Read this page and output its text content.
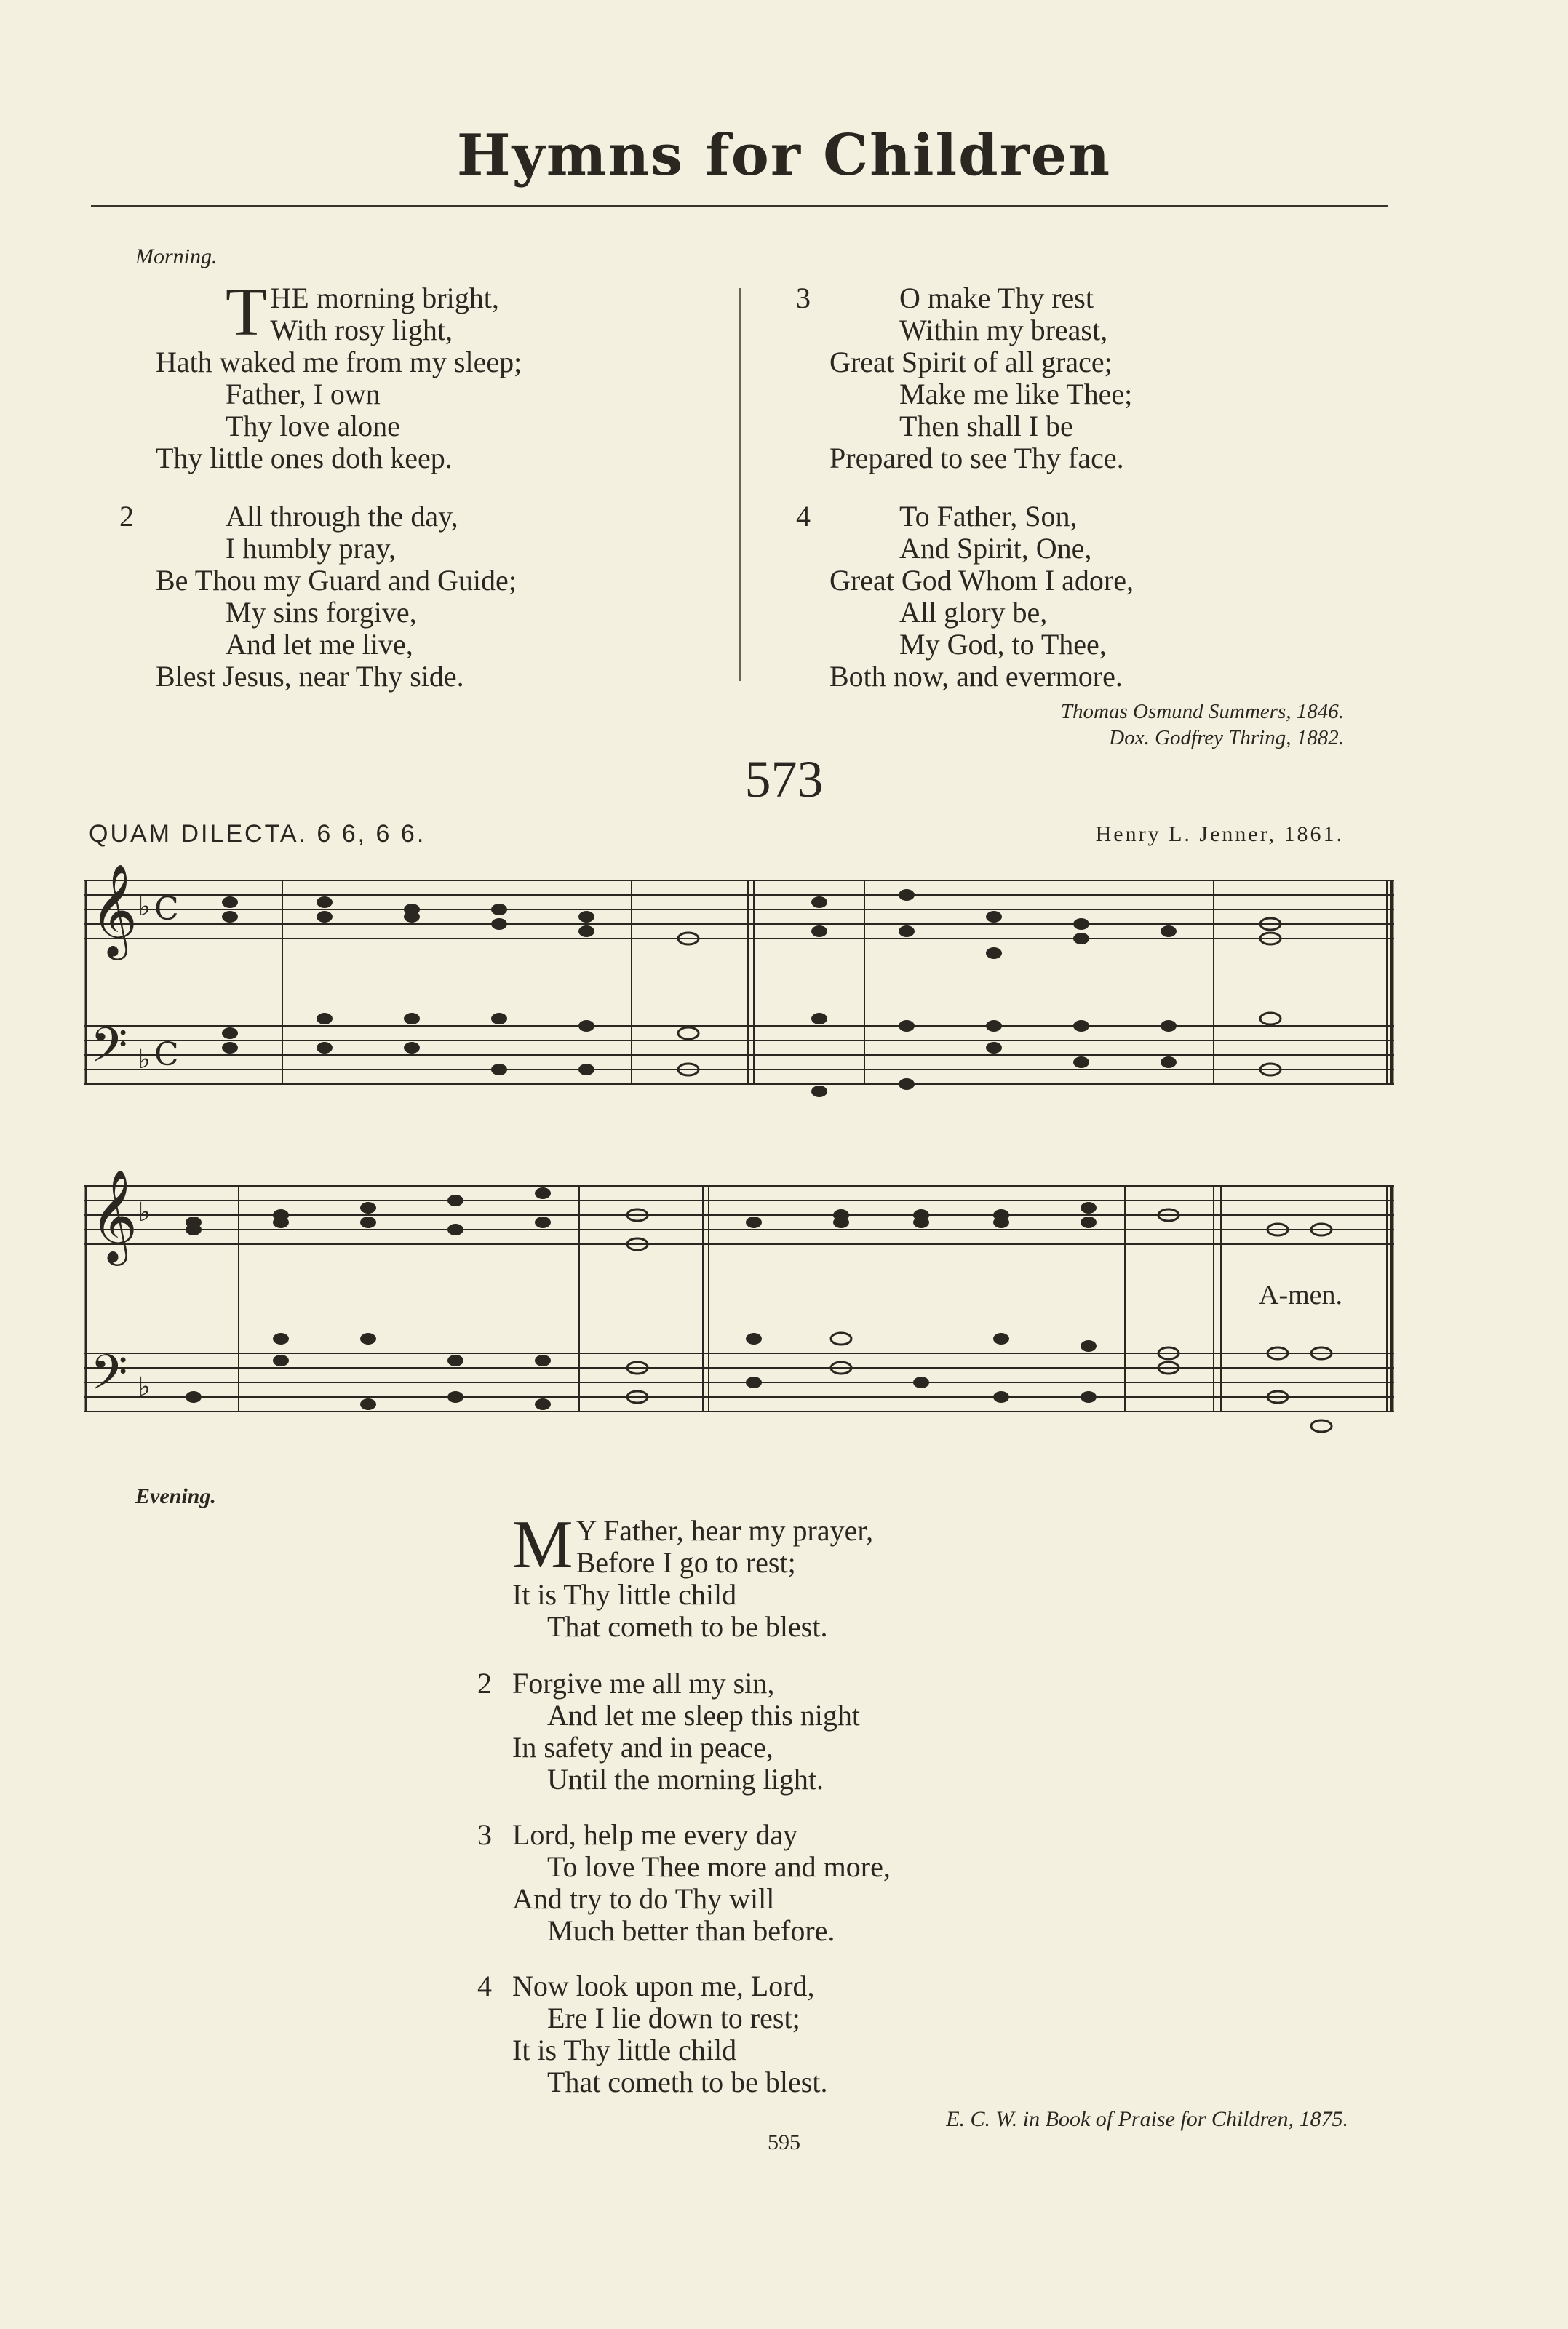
Hymns for Children
Morning.
T HE morning bright,
With rosy light,
Hath waked me from my sleep;
Father, I own
Thy love alone
Thy little ones doth keep.
2	All through the day,
I humbly pray,
Be Thou my Guard and Guide;
My sins forgive,
And let me live,
Blest Jesus, near Thy side.
3	O make Thy rest
Within my breast,
Great Spirit of all grace;
Make me like Thee;
Then shall I be
Prepared to see Thy face.
4	To Father, Son,
And Spirit, One,
Great God Whom I adore,
All glory be,
My God, to Thee,
Both now, and evermore.
Thomas Osmund Summers, 1846.
Dox. Godfrey Thring, 1882.
573
QUAM DILECTA. 6 6, 6 6.	Henry L. Jenner, 1861.
𝄞 ♭ C
𝄢 ♭ C
𝄞 ♭
𝄢 ♭
A-men.
Evening.
M Y Father, hear my prayer,
Before I go to rest;
It is Thy little child
That cometh to be blest.
2 Forgive me all my sin,
And let me sleep this night
In safety and in peace,
Until the morning light.
3 Lord, help me every day
To love Thee more and more,
And try to do Thy will
Much better than before.
4 Now look upon me, Lord,
Ere I lie down to rest;
It is Thy little child
That cometh to be blest.
E. C. W. in Book of Praise for Children, 1875.
595
